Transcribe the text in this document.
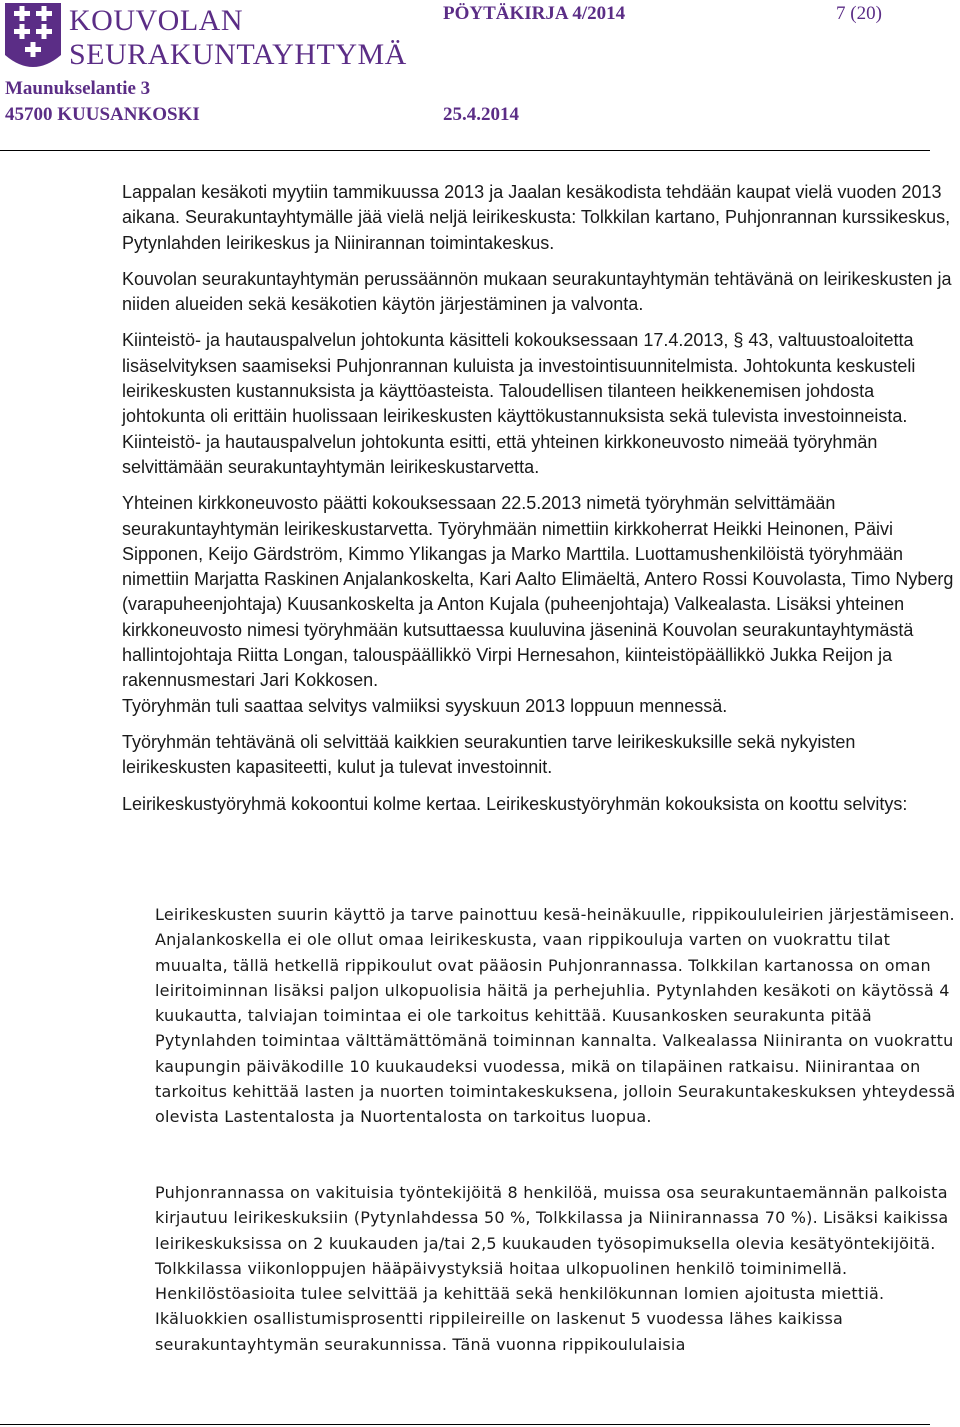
KOUVOLAN
SEURAKUNTAYHTYMÄ
Maunukselantie 3
45700 KUUSANKOSKI
PÖYTÄKIRJA 4/2014	7 (20)
25.4.2014

Lappalan kesäkoti myytiin tammikuussa 2013 ja Jaalan kesäkodista tehdään kaupat vielä vuoden 2013 aikana. Seurakuntayhtymälle jää vielä neljä leirikeskusta: Tolkkilan kartano, Puhjonrannan kurssikeskus, Pytynlahden leirikeskus ja Niinirannan toimintakeskus.

Kouvolan seurakuntayhtymän perussäännön mukaan seurakuntayhtymän tehtävänä on leirikeskusten ja niiden alueiden sekä kesäkotien käytön järjestäminen ja valvonta.

Kiinteistö- ja hautauspalvelun johtokunta käsitteli kokouksessaan 17.4.2013, § 43, valtuustoaloitetta lisäselvityksen saamiseksi Puhjonrannan kuluista ja investointisuunnitelmista. Johtokunta keskusteli leirikeskusten kustannuksista ja käyttöasteista. Taloudellisen tilanteen heikkenemisen johdosta johtokunta oli erittäin huolissaan leirikeskusten käyttökustannuksista sekä tulevista investoinneista. Kiinteistö- ja hautauspalvelun johtokunta esitti, että yhteinen kirkkoneuvosto nimeää työryhmän selvittämään seurakuntayhtymän leirikeskustarvetta.

Yhteinen kirkkoneuvosto päätti kokouksessaan 22.5.2013 nimetä työryhmän selvittämään seurakuntayhtymän leirikeskustarvetta. Työryhmään nimettiin kirkkoherrat Heikki Heinonen, Päivi Sipponen, Keijo Gärdström, Kimmo Ylikangas ja Marko Marttila. Luottamushenkilöistä työryhmään nimettiin Marjatta Raskinen Anjalankoskelta, Kari Aalto Elimäeltä, Antero Rossi Kouvolasta, Timo Nyberg (varapuheenjohtaja) Kuusankoskelta ja Anton Kujala (puheenjohtaja) Valkealasta. Lisäksi yhteinen kirkkoneuvosto nimesi työryhmään kutsuttaessa kuuluvina jäseninä Kouvolan seurakuntayhtymästä hallintojohtaja Riitta Longan, talouspäällikkö Virpi Hernesahon, kiinteistöpäällikkö Jukka Reijon ja rakennusmestari Jari Kokkosen.

Työryhmän tuli saattaa selvitys valmiiksi syyskuun 2013 loppuun mennessä.

Työryhmän tehtävänä oli selvittää kaikkien seurakuntien tarve leirikeskuksille sekä nykyisten leirikeskusten kapasiteetti, kulut ja tulevat investoinnit.

Leirikeskustyöryhmä kokoontui kolme kertaa. Leirikeskustyöryhmän kokouksista on koottu selvitys:

Leirikeskusten suurin käyttö ja tarve painottuu kesä-heinäkuulle, rippikoululeirien järjestämiseen. Anjalankoskella ei ole ollut omaa leirikeskusta, vaan rippikouluja varten on vuokrattu tilat muualta, tällä hetkellä rippikoulut ovat pääosin Puhjonrannassa. Tolkkilan kartanossa on oman leiritoiminnan lisäksi paljon ulkopuolisia häitä ja perhejuhlia. Pytynlahden kesäkoti on käytössä 4 kuukautta, talviajan toimintaa ei ole tarkoitus kehittää. Kuusankosken seurakunta pitää Pytynlahden toimintaa välttämättömänä toiminnan kannalta. Valkealassa Niiniranta on vuokrattu kaupungin päiväkodille 10 kuukaudeksi vuodessa, mikä on tilapäinen ratkaisu. Niinirantaa on tarkoitus kehittää lasten ja nuorten toimintakeskuksena, jolloin Seurakuntakeskuksen yhteydessä olevista Lastentalosta ja Nuortentalosta on tarkoitus luopua.

Puhjonrannassa on vakituisia työntekijöitä 8 henkilöä, muissa osa seurakuntaemännän palkoista kirjautuu leirikeskuksiin (Pytynlahdessa 50 %, Tolkkilassa ja Niinirannassa 70 %). Lisäksi kaikissa leirikeskuksissa on 2 kuukauden ja/tai 2,5 kuukauden työsopimuksella olevia kesätyöntekijöitä. Tolkkilassa viikonloppujen hääpäivystyksiä hoitaa ulkopuolinen henkilö toiminimellä. Henkilöstöasioita tulee selvittää ja kehittää sekä henkilökunnan lomien ajoitusta miettiä. Ikäluokkien osallistumisprosentti rippileireille on laskenut 5 vuodessa lähes kaikissa seurakuntayhtymän seurakunnissa. Tänä vuonna rippikoululaisia
